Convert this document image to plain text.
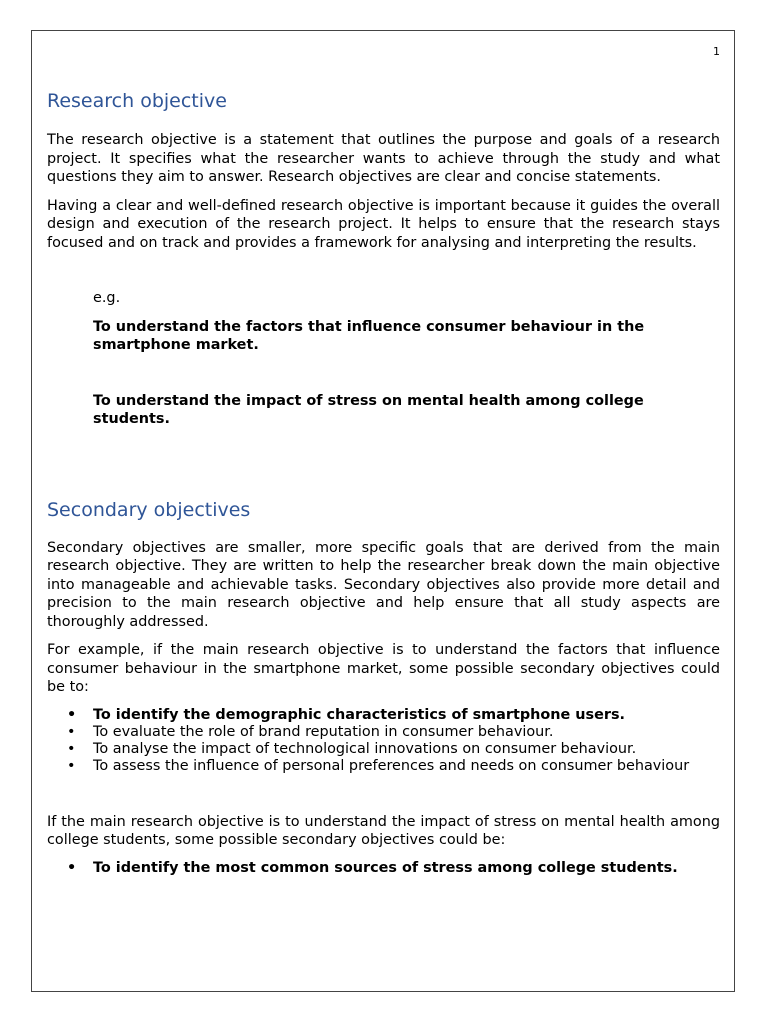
1
Research objective

The research objective is a statement that outlines the purpose and goals of a research project. It specifies what the researcher wants to achieve through the study and what questions they aim to answer. Research objectives are clear and concise statements.

Having a clear and well-defined research objective is important because it guides the overall design and execution of the research project. It helps to ensure that the research stays focused and on track and provides a framework for analysing and interpreting the results.

e.g.

To understand the factors that influence consumer behaviour in the smartphone market.

To understand the impact of stress on mental health among college students.

Secondary objectives

Secondary objectives are smaller, more specific goals that are derived from the main research objective. They are written to help the researcher break down the main objective into manageable and achievable tasks. Secondary objectives also provide more detail and precision to the main research objective and help ensure that all study aspects are thoroughly addressed.

For example, if the main research objective is to understand the factors that influence consumer behaviour in the smartphone market, some possible secondary objectives could be to:

• To identify the demographic characteristics of smartphone users.
• To evaluate the role of brand reputation in consumer behaviour.
• To analyse the impact of technological innovations on consumer behaviour.
• To assess the influence of personal preferences and needs on consumer behaviour

If the main research objective is to understand the impact of stress on mental health among college students, some possible secondary objectives could be:

• To identify the most common sources of stress among college students.
